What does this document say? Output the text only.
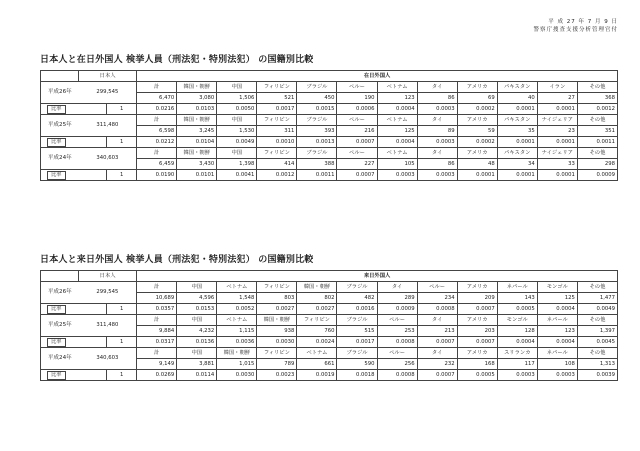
平 成 27 年 7 月 9 日
警察庁捜査支援分析管理官付
日本人と在日外国人 検挙人員（刑法犯・特別法犯） の国籍別比較
	日本人		在日外国人											
平成26年	299,545		計	韓国・朝鮮	中国	フィリピン	ブラジル	ペルー	ベトナム	タイ	アメリカ	パキスタン	イラン	その他
			6,470	3,080	1,506	521	450	190	123	86	69	40	27	368
比率		1	0.0216	0.0103	0.0050	0.0017	0.0015	0.0006	0.0004	0.0003	0.0002	0.0001	0.0001	0.0012
平成25年	311,480		計	韓国・朝鮮	中国	フィリピン	ブラジル	ペルー	ベトナム	タイ	アメリカ	パキスタン	ナイジェリア	その他
			6,598	3,245	1,530	311	393	216	125	89	59	35	23	351
比率		1	0.0212	0.0104	0.0049	0.0010	0.0013	0.0007	0.0004	0.0003	0.0002	0.0001	0.0001	0.0011
平成24年	340,603		計	韓国・朝鮮	中国	フィリピン	ブラジル	ペルー	ベトナム	タイ	アメリカ	パキスタン	ナイジェリア	その他
			6,459	3,430	1,398	414	388	227	105	86	48	34	33	298
比率		1	0.0190	0.0101	0.0041	0.0012	0.0011	0.0007	0.0003	0.0003	0.0001	0.0001	0.0001	0.0009
日本人と来日外国人 検挙人員（刑法犯・特別法犯） の国籍別比較
	日本人		来日外国人											
平成26年	299,545		計	中国	ベトナム	フィリピン	韓国・朝鮮	ブラジル	タイ	ペルー	アメリカ	ネパール	モンゴル	その他
			10,689	4,596	1,548	803	802	482	289	234	209	143	125	1,477
比率		1	0.0357	0.0153	0.0052	0.0027	0.0027	0.0016	0.0009	0.0008	0.0007	0.0005	0.0004	0.0049
平成25年	311,480		計	中国	ベトナム	韓国・朝鮮	フィリピン	ブラジル	ペルー	タイ	アメリカ	モンゴル	ネパール	その他
			9,884	4,232	1,115	938	760	515	253	213	203	128	123	1,397
比率		1	0.0317	0.0136	0.0036	0.0030	0.0024	0.0017	0.0008	0.0007	0.0007	0.0004	0.0004	0.0045
平成24年	340,603		計	中国	韓国・朝鮮	フィリピン	ベトナム	ブラジル	ペルー	タイ	アメリカ	スリランカ	ネパール	その他
			9,149	3,881	1,015	789	661	590	256	232	168	117	108	1,313
比率		1	0.0269	0.0114	0.0030	0.0023	0.0019	0.0018	0.0008	0.0007	0.0005	0.0003	0.0003	0.0039
